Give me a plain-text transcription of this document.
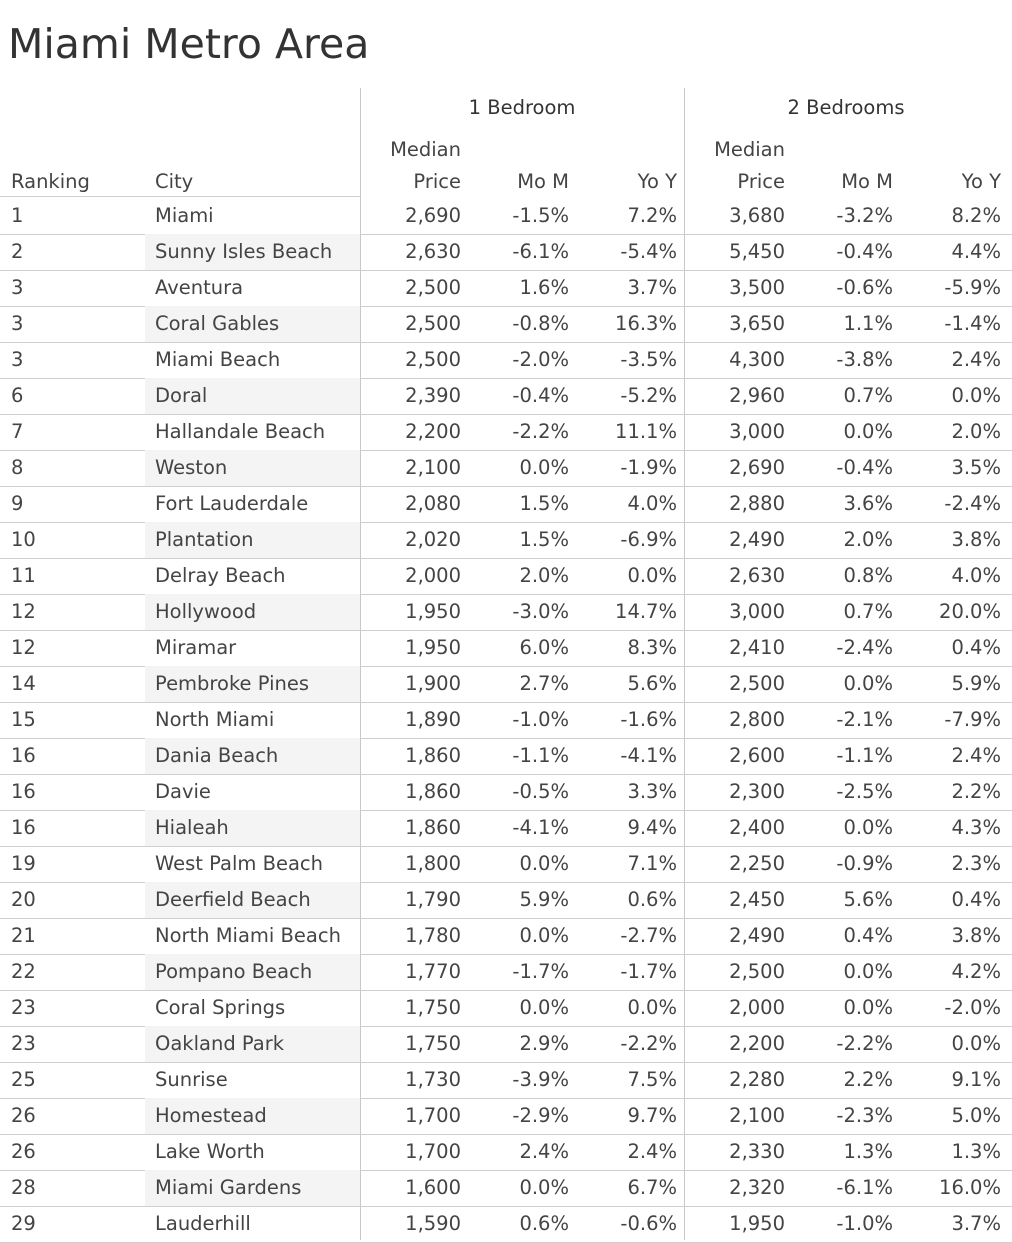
Miami Metro Area
1 Bedroom	2 Bedrooms
Ranking	City
Median
Price	Mo M	Yo Y
Median
Price	Mo M	Yo Y
1	Miami	2,690	-1.5%	7.2%	3,680	-3.2%	8.2%
2	Sunny Isles Beach	2,630	-6.1%	-5.4%	5,450	-0.4%	4.4%
3	Aventura	2,500	1.6%	3.7%	3,500	-0.6%	-5.9%
3	Coral Gables	2,500	-0.8%	16.3%	3,650	1.1%	-1.4%
3	Miami Beach	2,500	-2.0%	-3.5%	4,300	-3.8%	2.4%
6	Doral	2,390	-0.4%	-5.2%	2,960	0.7%	0.0%
7	Hallandale Beach	2,200	-2.2%	11.1%	3,000	0.0%	2.0%
8	Weston	2,100	0.0%	-1.9%	2,690	-0.4%	3.5%
9	Fort Lauderdale	2,080	1.5%	4.0%	2,880	3.6%	-2.4%
10	Plantation	2,020	1.5%	-6.9%	2,490	2.0%	3.8%
11	Delray Beach	2,000	2.0%	0.0%	2,630	0.8%	4.0%
12	Hollywood	1,950	-3.0%	14.7%	3,000	0.7%	20.0%
12	Miramar	1,950	6.0%	8.3%	2,410	-2.4%	0.4%
14	Pembroke Pines	1,900	2.7%	5.6%	2,500	0.0%	5.9%
15	North Miami	1,890	-1.0%	-1.6%	2,800	-2.1%	-7.9%
16	Dania Beach	1,860	-1.1%	-4.1%	2,600	-1.1%	2.4%
16	Davie	1,860	-0.5%	3.3%	2,300	-2.5%	2.2%
16	Hialeah	1,860	-4.1%	9.4%	2,400	0.0%	4.3%
19	West Palm Beach	1,800	0.0%	7.1%	2,250	-0.9%	2.3%
20	Deerfield Beach	1,790	5.9%	0.6%	2,450	5.6%	0.4%
21	North Miami Beach	1,780	0.0%	-2.7%	2,490	0.4%	3.8%
22	Pompano Beach	1,770	-1.7%	-1.7%	2,500	0.0%	4.2%
23	Coral Springs	1,750	0.0%	0.0%	2,000	0.0%	-2.0%
23	Oakland Park	1,750	2.9%	-2.2%	2,200	-2.2%	0.0%
25	Sunrise	1,730	-3.9%	7.5%	2,280	2.2%	9.1%
26	Homestead	1,700	-2.9%	9.7%	2,100	-2.3%	5.0%
26	Lake Worth	1,700	2.4%	2.4%	2,330	1.3%	1.3%
28	Miami Gardens	1,600	0.0%	6.7%	2,320	-6.1%	16.0%
29	Lauderhill	1,590	0.6%	-0.6%	1,950	-1.0%	3.7%
